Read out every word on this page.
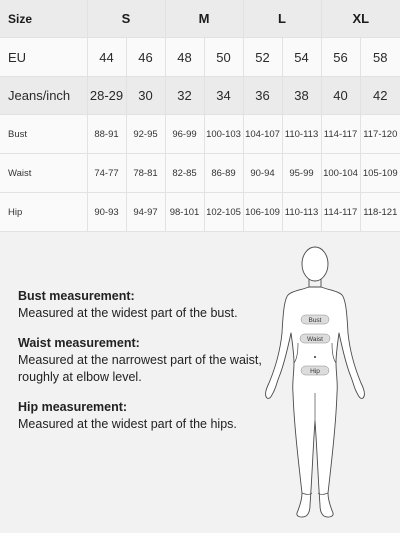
Size	S		M		L		XL	
EU	44	46	48	50	52	54	56	58
Jeans/inch	28-29	30	32	34	36	38	40	42
Bust	88-91	92-95	96-99	100-103	104-107	110-113	114-117	117-120
Waist	74-77	78-81	82-85	86-89	90-94	95-99	100-104	105-109
Hip	90-93	94-97	98-101	102-105	106-109	110-113	114-117	118-121
Bust measurement:
Measured at the widest part of the bust.
Waist measurement:
Measured at the narrowest part of the waist, roughly at elbow level.
Hip measurement:
Measured at the widest part of the hips.
Bust
Waist
Hip
